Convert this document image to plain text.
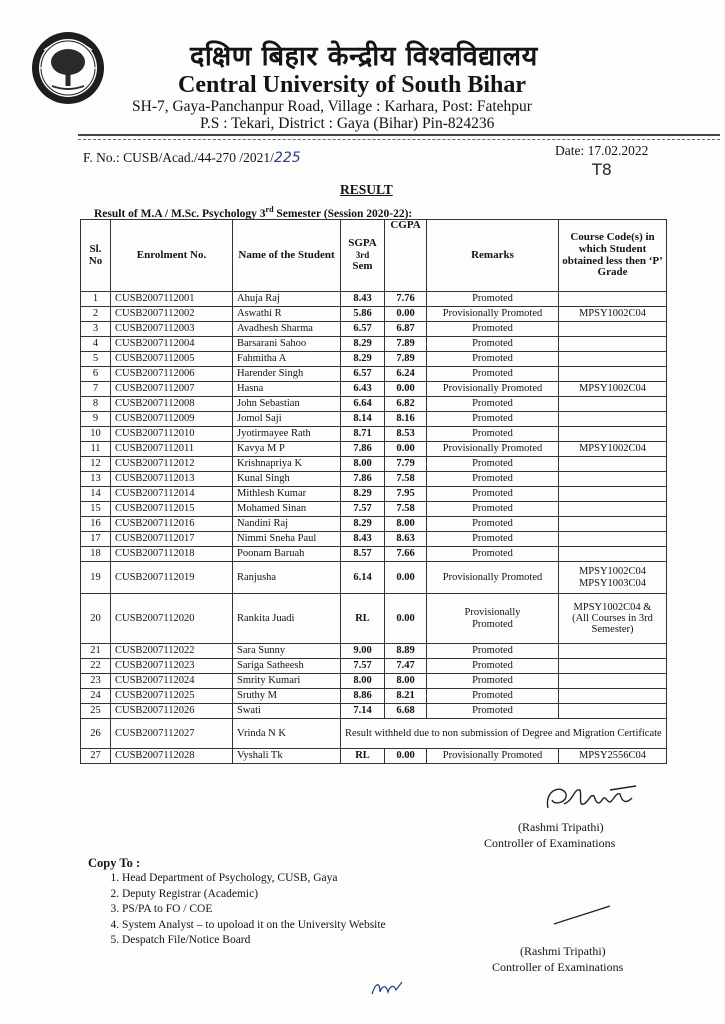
दक्षिण बिहार केन्द्रीय विश्वविद्यालय
Central University of South Bihar
SH-7, Gaya-Panchanpur Road, Village : Karhara, Post: Fatehpur
P.S : Tekari, District : Gaya (Bihar) Pin-824236
F. No.: CUSB/Acad./44-270 /2021/225	Date: 17.02.2022
T8
RESULT
Result of M.A / M.Sc. Psychology 3rd Semester (Session 2020-22):
Sl. No	Enrolment No.	Name of the Student	SGPA
3rd
Sem	CGPA	Remarks	Course Code(s) in which Student obtained less then ‘P’ Grade
1	CUSB2007112001	Ahuja Raj	8.43	7.76	Promoted	
2	CUSB2007112002	Aswathi R	5.86	0.00	Provisionally Promoted	MPSY1002C04
3	CUSB2007112003	Avadhesh Sharma	6.57	6.87	Promoted	
4	CUSB2007112004	Barsarani Sahoo	8.29	7.89	Promoted	
5	CUSB2007112005	Fahmitha A	8.29	7.89	Promoted	
6	CUSB2007112006	Harender Singh	6.57	6.24	Promoted	
7	CUSB2007112007	Hasna	6.43	0.00	Provisionally Promoted	MPSY1002C04
8	CUSB2007112008	John Sebastian	6.64	6.82	Promoted	
9	CUSB2007112009	Jomol Saji	8.14	8.16	Promoted	
10	CUSB2007112010	Jyotirmayee Rath	8.71	8.53	Promoted	
11	CUSB2007112011	Kavya M P	7.86	0.00	Provisionally Promoted	MPSY1002C04
12	CUSB2007112012	Krishnapriya K	8.00	7.79	Promoted	
13	CUSB2007112013	Kunal Singh	7.86	7.58	Promoted	
14	CUSB2007112014	Mithlesh Kumar	8.29	7.95	Promoted	
15	CUSB2007112015	Mohamed Sinan	7.57	7.58	Promoted	
16	CUSB2007112016	Nandini Raj	8.29	8.00	Promoted	
17	CUSB2007112017	Nimmi Sneha Paul	8.43	8.63	Promoted	
18	CUSB2007112018	Poonam Baruah	8.57	7.66	Promoted	
19	CUSB2007112019	Ranjusha	6.14	0.00	Provisionally Promoted	MPSY1002C04
MPSY1003C04
20	CUSB2007112020	Rankita Juadi	RL	0.00	Provisionally
Promoted	MPSY1002C04 &
(All Courses in 3rd
Semester)
21	CUSB2007112022	Sara Sunny	9.00	8.89	Promoted	
22	CUSB2007112023	Sariga Satheesh	7.57	7.47	Promoted	
23	CUSB2007112024	Smrity Kumari	8.00	8.00	Promoted	
24	CUSB2007112025	Sruthy M	8.86	8.21	Promoted	
25	CUSB2007112026	Swati	7.14	6.68	Promoted	
26	CUSB2007112027	Vrinda N K	Result withheld due to non submission of Degree and Migration Certificate			
27	CUSB2007112028	Vyshali Tk	RL	0.00	Provisionally Promoted	MPSY2556C04
(Rashmi Tripathi)
Controller of Examinations
Copy To :
1. Head Department of Psychology, CUSB, Gaya
2. Deputy Registrar (Academic)
3. PS/PA to FO / COE
4. System Analyst – to upoload it on the University Website
5. Despatch File/Notice Board
(Rashmi Tripathi)
Controller of Examinations
